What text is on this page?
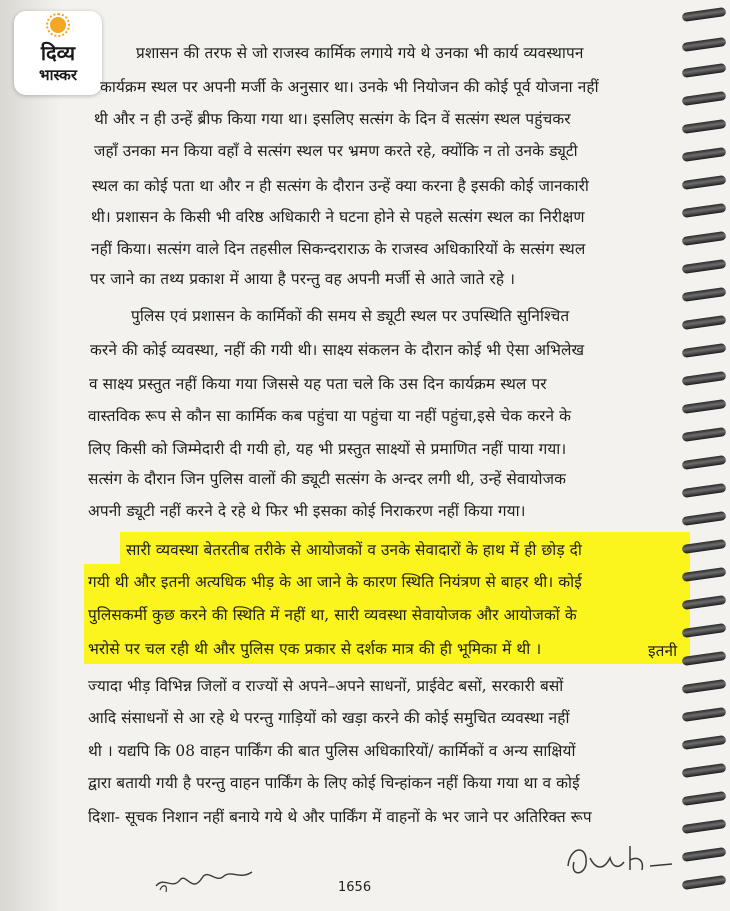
दिव्य
भास्कर
प्रशासन की तरफ से जो राजस्व कार्मिक लगाये गये थे उनका भी कार्य व्यवस्थापन
कार्यक्रम स्थल पर अपनी मर्जी के अनुसार था। उनके भी नियोजन की कोई पूर्व योजना नहीं
थी और न ही उन्हें ब्रीफ किया गया था। इसलिए सत्संग के दिन वें सत्संग स्थल पहुंचकर
जहाँ उनका मन किया वहाँ वे सत्संग स्थल पर भ्रमण करते रहे, क्योंकि न तो उनके ड्यूटी
स्थल का कोई पता था और न ही सत्संग के दौरान उन्हें क्या करना है इसकी कोई जानकारी
थी। प्रशासन के किसी भी वरिष्ठ अधिकारी ने घटना होने से पहले सत्संग स्थल का निरीक्षण
नहीं किया। सत्संग वाले दिन तहसील सिकन्दराराऊ के राजस्व अधिकारियों के सत्संग स्थल
पर जाने का तथ्य प्रकाश में आया है परन्तु वह अपनी मर्जी से आते जाते रहे ।
पुलिस एवं प्रशासन के कार्मिकों की समय से ड्यूटी स्थल पर उपस्थिति सुनिश्चित
करने की कोई व्यवस्था, नहीं की गयी थी। साक्ष्य संकलन के दौरान कोई भी ऐसा अभिलेख
व साक्ष्य प्रस्तुत नहीं किया गया जिससे यह पता चले कि उस दिन कार्यक्रम स्थल पर
वास्तविक रूप से कौन सा कार्मिक कब पहुंचा या पहुंचा या नहीं पहुंचा,इसे चेक करने के
लिए किसी को जिम्मेदारी दी गयी हो, यह भी प्रस्तुत साक्ष्यों से प्रमाणित नहीं पाया गया।
सत्संग के दौरान जिन पुलिस वालों की ड्यूटी सत्संग के अन्दर लगी थी, उन्हें सेवायोजक
अपनी ड्यूटी नहीं करने दे रहे थे फिर भी इसका कोई निराकरण नहीं किया गया।
सारी व्यवस्था बेतरतीब तरीके से आयोजकों व उनके सेवादारों के हाथ में ही छोड़ दी
गयी थी और इतनी अत्यधिक भीड़ के आ जाने के कारण स्थिति नियंत्रण से बाहर थी। कोई
पुलिसकर्मी कुछ करने की स्थिति में नहीं था, सारी व्यवस्था सेवायोजक और आयोजकों के
भरोसे पर चल रही थी और पुलिस एक प्रकार से दर्शक मात्र की ही भूमिका में थी ।	इतनी
ज्यादा भीड़ विभिन्न जिलों व राज्यों से अपने–अपने साधनों, प्राईवेट बसों, सरकारी बसों
आदि संसाधनों से आ रहे थे परन्तु गाड़ियों को खड़ा करने की कोई समुचित व्यवस्था नहीं
थी । यद्यपि कि 08 वाहन पार्किंग की बात पुलिस अधिकारियों/ कार्मिकों व अन्य साक्षियों
द्वारा बतायी गयी है परन्तु वाहन पार्किंग के लिए कोई चिन्हांकन नहीं किया गया था व कोई
दिशा- सूचक निशान नहीं बनाये गये थे और पार्किंग में वाहनों के भर जाने पर अतिरिक्त रूप
1656
